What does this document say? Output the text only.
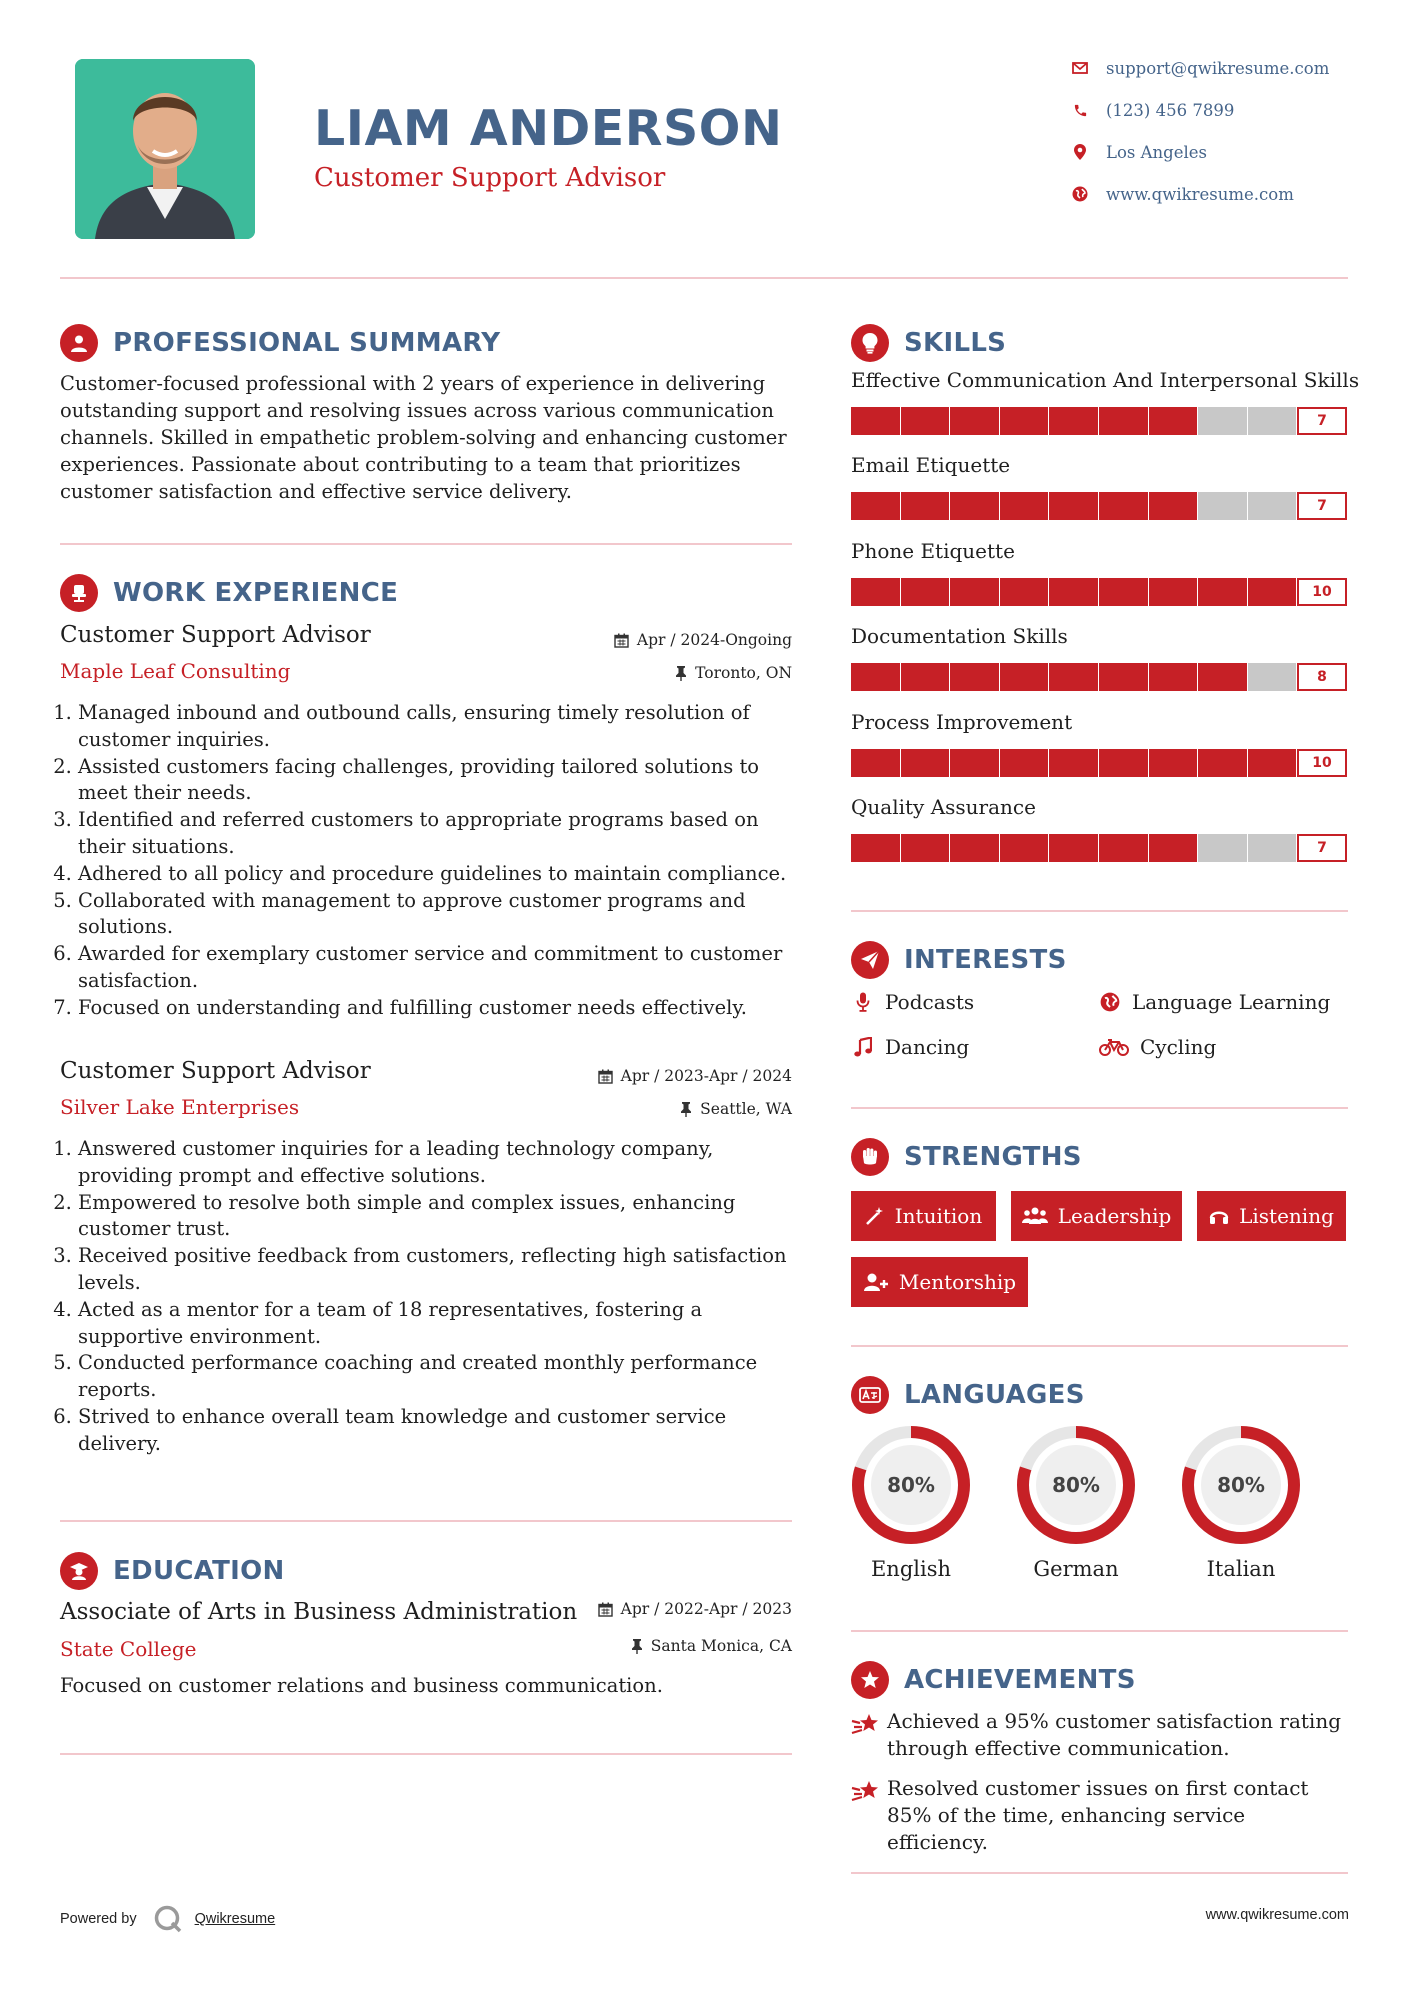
LIAM ANDERSON
Customer Support Advisor
support@qwikresume.com
(123) 456 7899
Los Angeles
www.qwikresume.com
PROFESSIONAL SUMMARY
Customer-focused professional with 2 years of experience in delivering outstanding support and resolving issues across various communication channels. Skilled in empathetic problem-solving and enhancing customer experiences. Passionate about contributing to a team that prioritizes customer satisfaction and effective service delivery.
WORK EXPERIENCE
Customer Support Advisor	Apr / 2024-Ongoing
Maple Leaf Consulting	Toronto, ON
1. Managed inbound and outbound calls, ensuring timely resolution of customer inquiries.
2. Assisted customers facing challenges, providing tailored solutions to meet their needs.
3. Identified and referred customers to appropriate programs based on their situations.
4. Adhered to all policy and procedure guidelines to maintain compliance.
5. Collaborated with management to approve customer programs and solutions.
6. Awarded for exemplary customer service and commitment to customer satisfaction.
7. Focused on understanding and fulfilling customer needs effectively.
Customer Support Advisor	Apr / 2023-Apr / 2024
Silver Lake Enterprises	Seattle, WA
1. Answered customer inquiries for a leading technology company, providing prompt and effective solutions.
2. Empowered to resolve both simple and complex issues, enhancing customer trust.
3. Received positive feedback from customers, reflecting high satisfaction levels.
4. Acted as a mentor for a team of 18 representatives, fostering a supportive environment.
5. Conducted performance coaching and created monthly performance reports.
6. Strived to enhance overall team knowledge and customer service delivery.
EDUCATION
Associate of Arts in Business Administration	Apr / 2022-Apr / 2023
State College	Santa Monica, CA
Focused on customer relations and business communication.
SKILLS
Effective Communication And Interpersonal Skills
7
Email Etiquette
7
Phone Etiquette
10
Documentation Skills
8
Process Improvement
10
Quality Assurance
7
INTERESTS
Podcasts	Language Learning
Dancing	Cycling
STRENGTHS
Intuition	Leadership	Listening
Mentorship
LANGUAGES
80%
English
80%
German
80%
Italian
ACHIEVEMENTS
Achieved a 95% customer satisfaction rating through effective communication.
Resolved customer issues on first contact 85% of the time, enhancing service efficiency.
Powered by	Qwikresume	www.qwikresume.com
